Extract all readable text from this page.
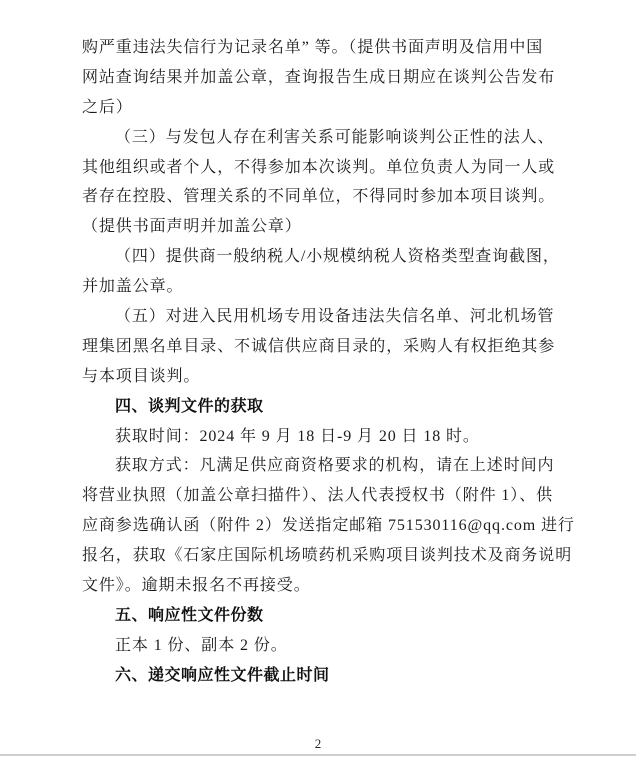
购严重违法失信行为记录名单” 等。（提供书面声明及信用中国
网站查询结果并加盖公章，查询报告生成日期应在谈判公告发布
之后）
（三）与发包人存在利害关系可能影响谈判公正性的法人、
其他组织或者个人，不得参加本次谈判。单位负责人为同一人或
者存在控股、管理关系的不同单位，不得同时参加本项目谈判。
（提供书面声明并加盖公章）
（四）提供商一般纳税人/小规模纳税人资格类型查询截图，
并加盖公章。
（五）对进入民用机场专用设备违法失信名单、河北机场管
理集团黑名单目录、不诚信供应商目录的，采购人有权拒绝其参
与本项目谈判。
四、谈判文件的获取
获取时间：2024 年 9 月 18 日-9 月 20 日 18 时。
获取方式：凡满足供应商资格要求的机构，请在上述时间内
将营业执照（加盖公章扫描件）、法人代表授权书（附件 1）、供
应商参选确认函（附件 2）发送指定邮箱 751530116@qq.com 进行
报名，获取《石家庄国际机场喷药机采购项目谈判技术及商务说明
文件》。逾期未报名不再接受。
五、响应性文件份数
正本 1 份、副本 2 份。
六、递交响应性文件截止时间
2
